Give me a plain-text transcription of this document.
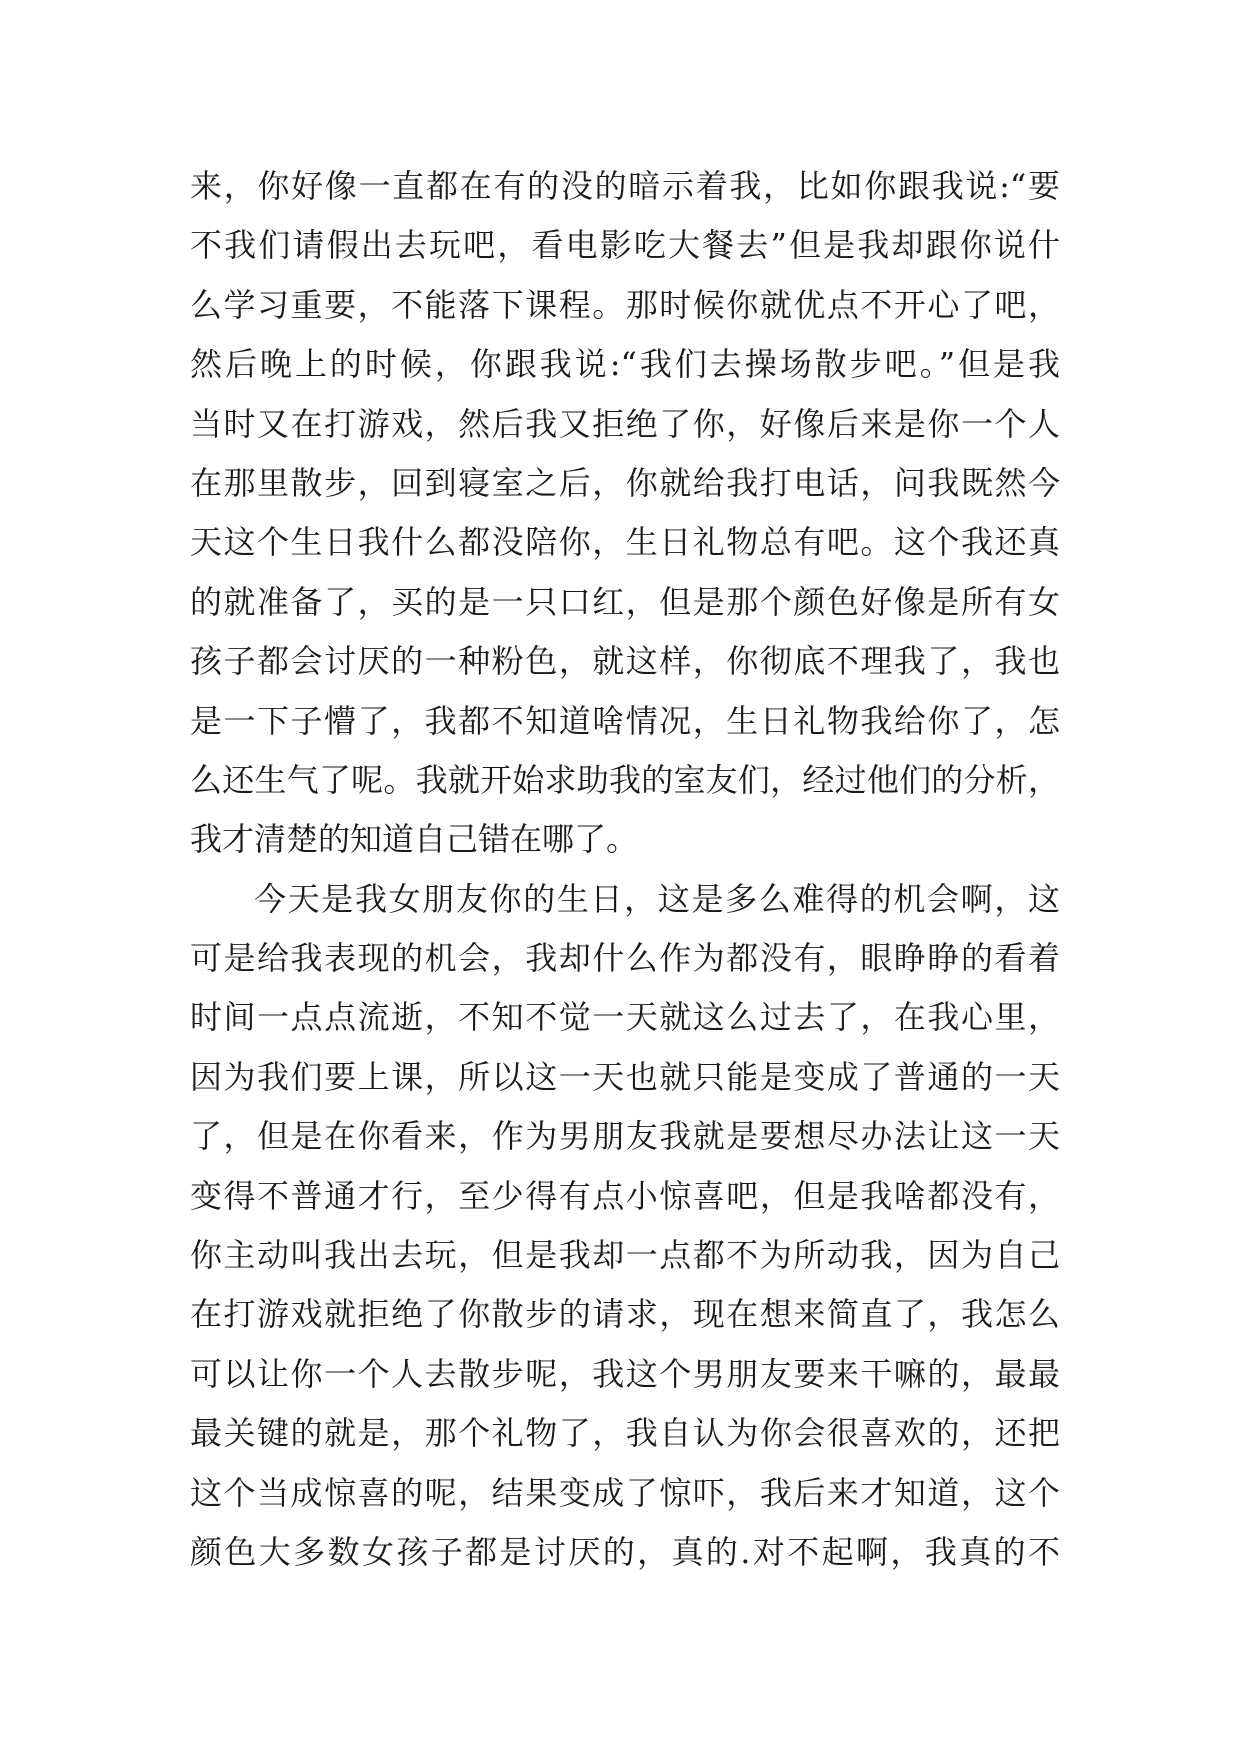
来，你好像一直都在有的没的暗示着我，比如你跟我说:“要
不我们请假出去玩吧，看电影吃大餐去”但是我却跟你说什
么学习重要，不能落下课程。那时候你就优点不开心了吧，
然后晚上的时候，你跟我说:“我们去操场散步吧。”但是我
当时又在打游戏，然后我又拒绝了你，好像后来是你一个人
在那里散步，回到寝室之后，你就给我打电话，问我既然今
天这个生日我什么都没陪你，生日礼物总有吧。这个我还真
的就准备了，买的是一只口红，但是那个颜色好像是所有女
孩子都会讨厌的一种粉色，就这样，你彻底不理我了，我也
是一下子懵了，我都不知道啥情况，生日礼物我给你了，怎
么还生气了呢。我就开始求助我的室友们，经过他们的分析，
我才清楚的知道自己错在哪了。
今天是我女朋友你的生日，这是多么难得的机会啊，这
可是给我表现的机会，我却什么作为都没有，眼睁睁的看着
时间一点点流逝，不知不觉一天就这么过去了，在我心里，
因为我们要上课，所以这一天也就只能是变成了普通的一天
了，但是在你看来，作为男朋友我就是要想尽办法让这一天
变得不普通才行，至少得有点小惊喜吧，但是我啥都没有，
你主动叫我出去玩，但是我却一点都不为所动我，因为自己
在打游戏就拒绝了你散步的请求，现在想来简直了，我怎么
可以让你一个人去散步呢，我这个男朋友要来干嘛的，最最
最关键的就是，那个礼物了，我自认为你会很喜欢的，还把
这个当成惊喜的呢，结果变成了惊吓，我后来才知道，这个
颜色大多数女孩子都是讨厌的，真的.对不起啊，我真的不
